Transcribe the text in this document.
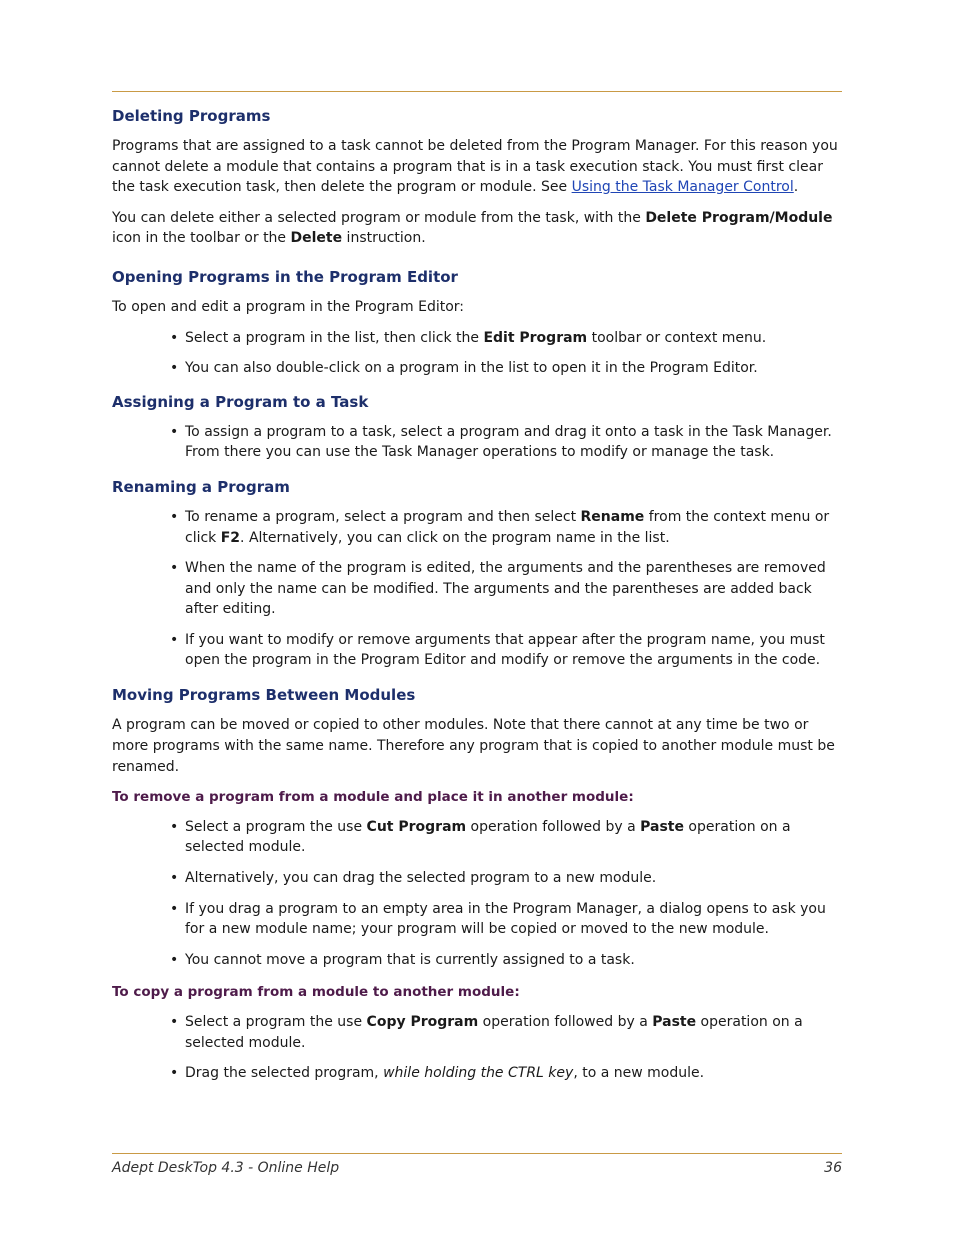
Deleting Programs

Programs that are assigned to a task cannot be deleted from the Program Manager. For this reason you cannot delete a module that contains a program that is in a task execution stack. You must first clear the task execution task, then delete the program or module. See Using the Task Manager Control.

You can delete either a selected program or module from the task, with the Delete Program/Module icon in the toolbar or the Delete instruction.

Opening Programs in the Program Editor

To open and edit a program in the Program Editor:

• Select a program in the list, then click the Edit Program toolbar or context menu.
• You can also double-click on a program in the list to open it in the Program Editor.
Assigning a Program to a Task
• To assign a program to a task, select a program and drag it onto a task in the Task Manager. From there you can use the Task Manager operations to modify or manage the task.
Renaming a Program
• To rename a program, select a program and then select Rename from the context menu or click F2. Alternatively, you can click on the program name in the list.
• When the name of the program is edited, the arguments and the parentheses are removed and only the name can be modified. The arguments and the parentheses are added back after editing.
• If you want to modify or remove arguments that appear after the program name, you must open the program in the Program Editor and modify or remove the arguments in the code.
Moving Programs Between Modules

A program can be moved or copied to other modules. Note that there cannot at any time be two or more programs with the same name. Therefore any program that is copied to another module must be renamed.

To remove a program from a module and place it in another module:
• Select a program the use Cut Program operation followed by a Paste operation on a selected module.
• Alternatively, you can drag the selected program to a new module.
• If you drag a program to an empty area in the Program Manager, a dialog opens to ask you for a new module name; your program will be copied or moved to the new module.
• You cannot move a program that is currently assigned to a task.
To copy a program from a module to another module:
• Select a program the use Copy Program operation followed by a Paste operation on a selected module.
• Drag the selected program, while holding the CTRL key, to a new module.
Adept DeskTop 4.3 - Online Help	36
